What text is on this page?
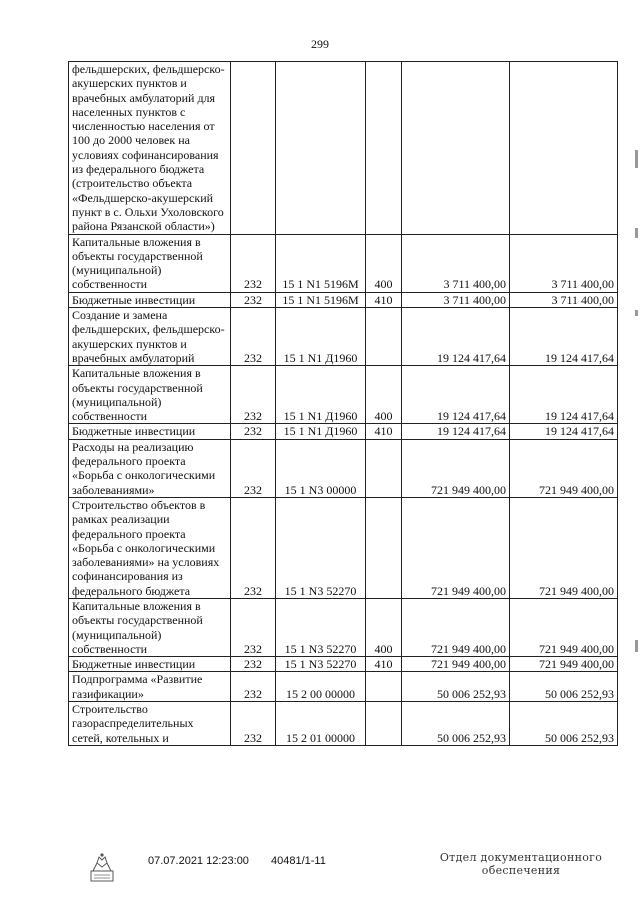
299
фельдшерских, фельдшерско-акушерских пунктов и врачебных амбулаторий для населенных пунктов с численностью населения от 100 до 2000 человек на условиях софинансирования из федерального бюджета (строительство объекта «Фельдшерско-акушерский пункт в с. Ольхи Ухоловского района Рязанской области»)					
Капитальные вложения в объекты государственной (муниципальной) собственности	232	15 1 N1 5196M	400	3 711 400,00	3 711 400,00
Бюджетные инвестиции	232	15 1 N1 5196M	410	3 711 400,00	3 711 400,00
Создание и замена фельдшерских, фельдшерско-акушерских пунктов и врачебных амбулаторий	232	15 1 N1 Д1960		19 124 417,64	19 124 417,64
Капитальные вложения в объекты государственной (муниципальной) собственности	232	15 1 N1 Д1960	400	19 124 417,64	19 124 417,64
Бюджетные инвестиции	232	15 1 N1 Д1960	410	19 124 417,64	19 124 417,64
Расходы на реализацию федерального проекта «Борьба с онкологическими заболеваниями»	232	15 1 N3 00000		721 949 400,00	721 949 400,00
Строительство объектов в рамках реализации федерального проекта «Борьба с онкологическими заболеваниями» на условиях софинансирования из федерального бюджета	232	15 1 N3 52270		721 949 400,00	721 949 400,00
Капитальные вложения в объекты государственной (муниципальной) собственности	232	15 1 N3 52270	400	721 949 400,00	721 949 400,00
Бюджетные инвестиции	232	15 1 N3 52270	410	721 949 400,00	721 949 400,00
Подпрограмма «Развитие газификации»	232	15 2 00 00000		50 006 252,93	50 006 252,93
Строительство газораспределительных сетей, котельных и	232	15 2 01 00000		50 006 252,93	50 006 252,93
07.07.2021 12:23:00 40481/1-11	Отдел документационного
обеспечения
